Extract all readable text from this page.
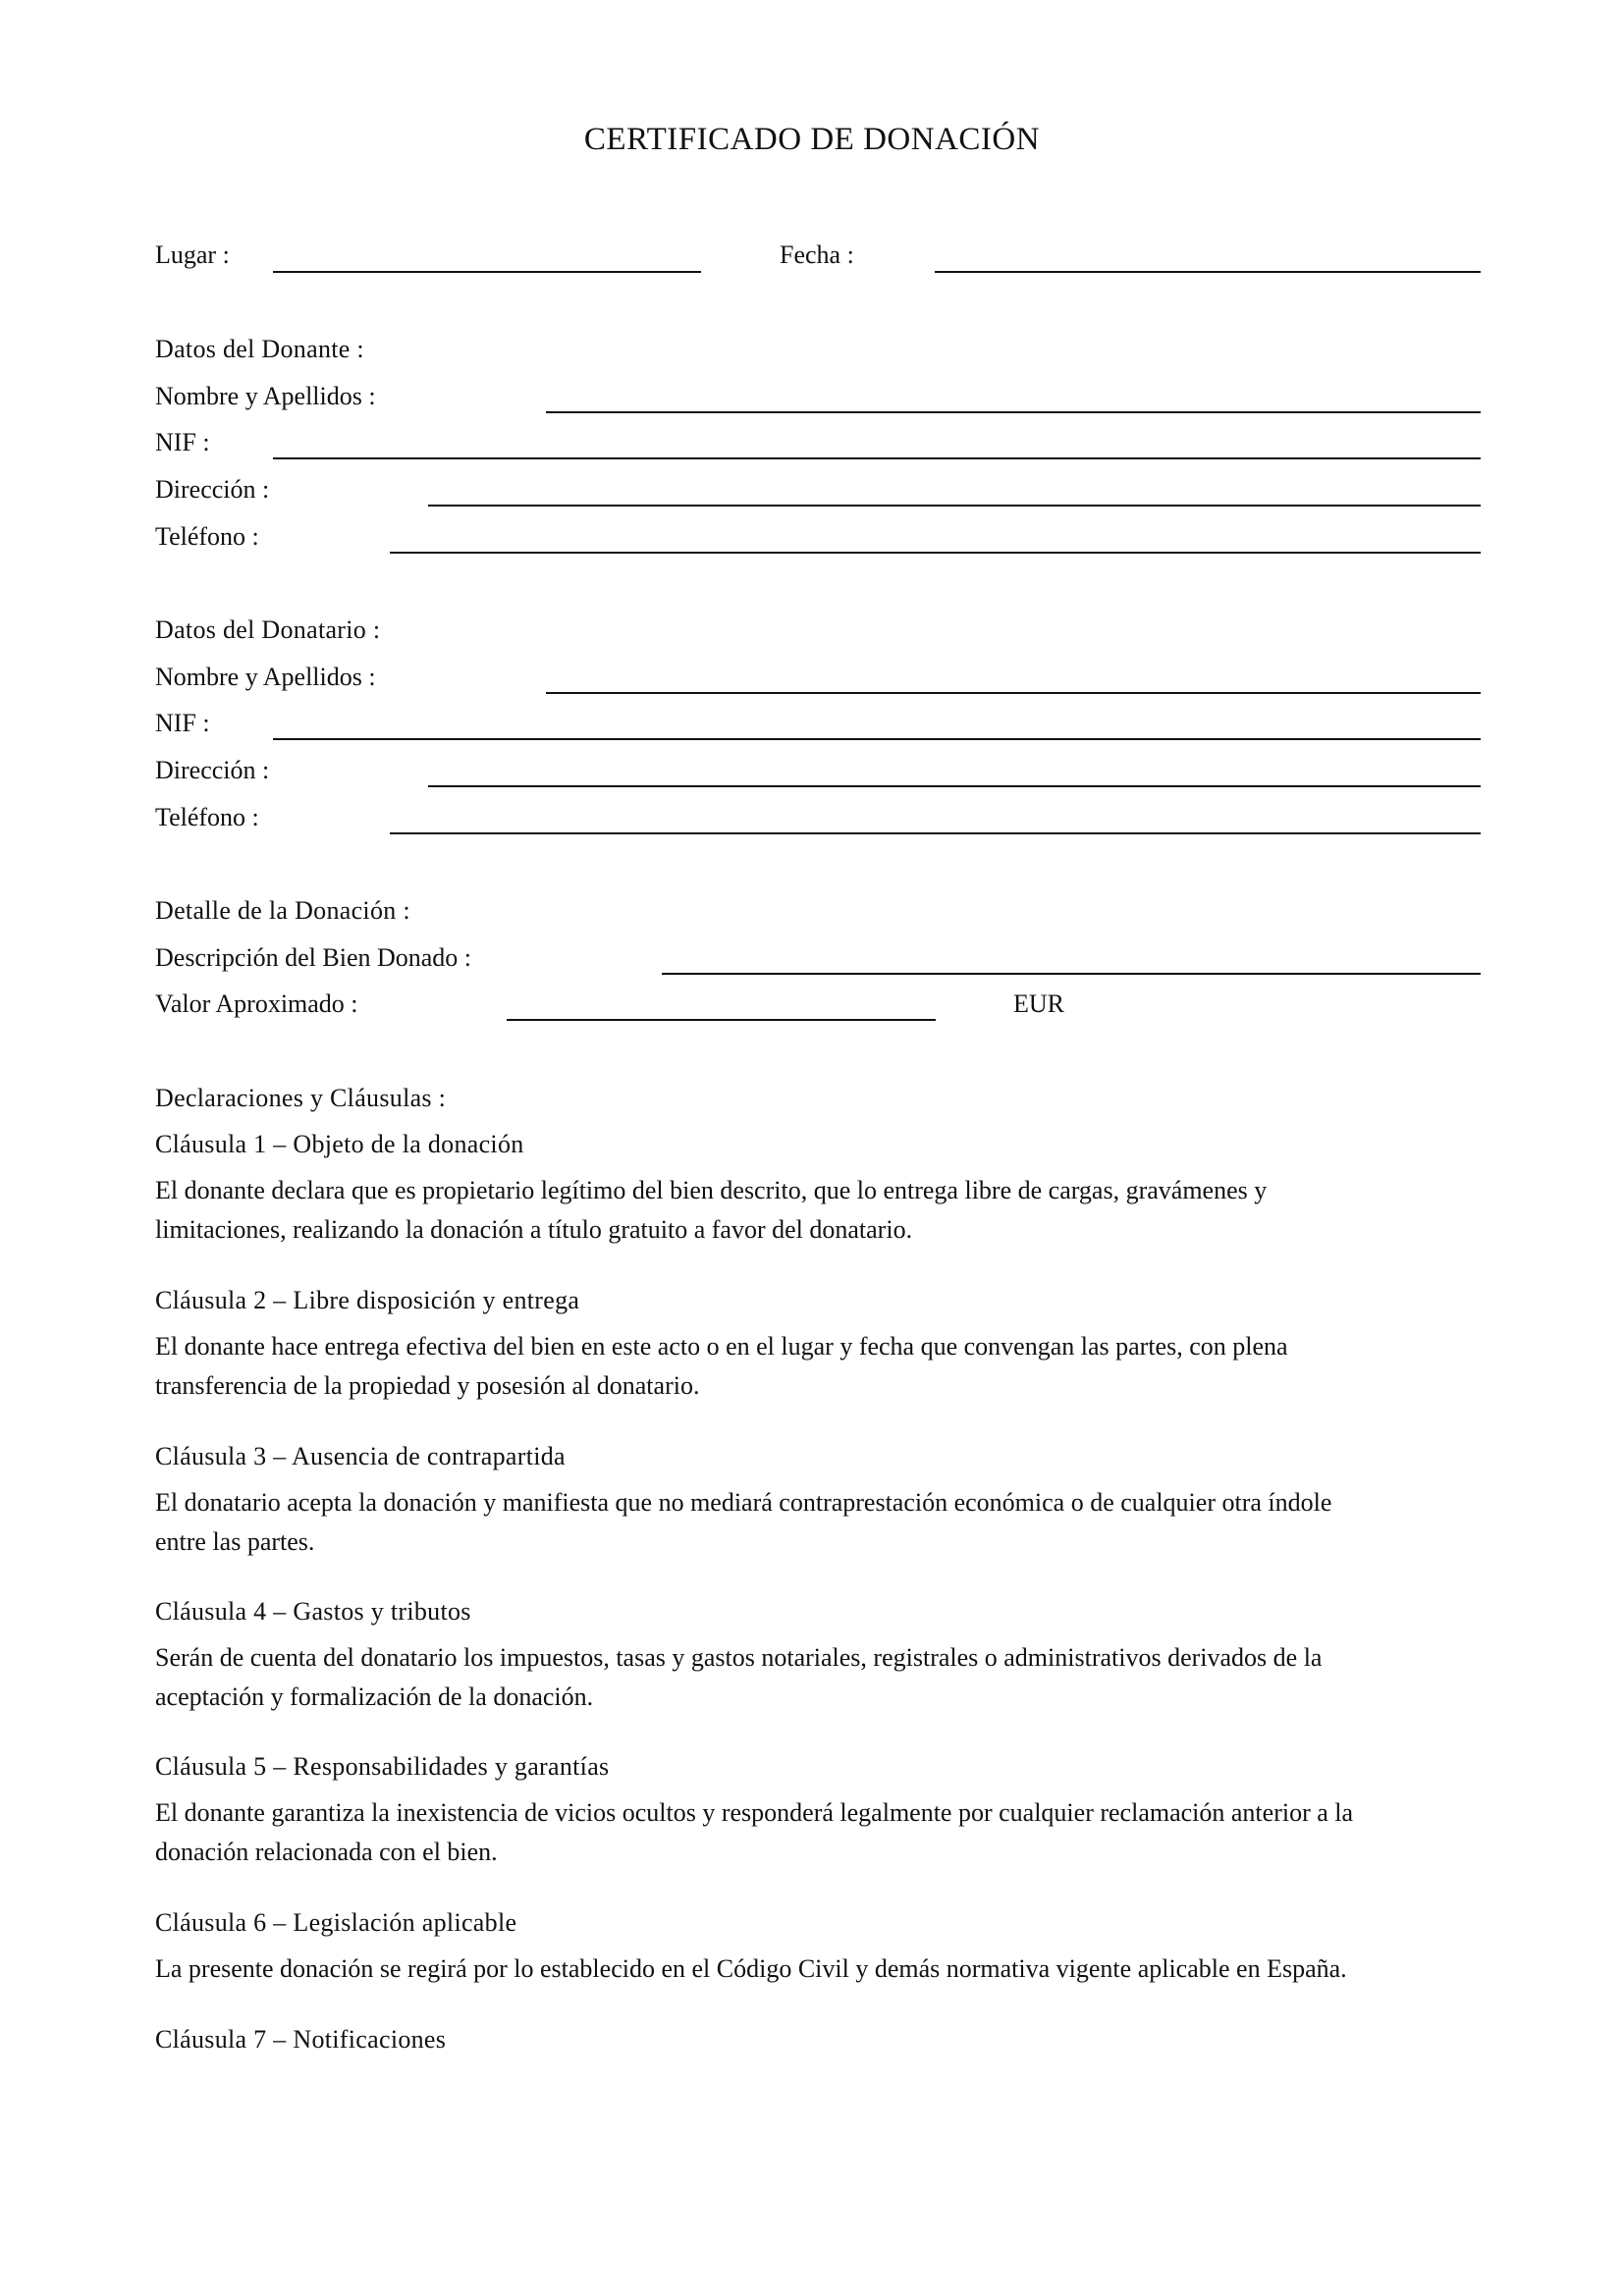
CERTIFICADO DE DONACIÓN
Lugar :	Fecha :
Datos del Donante :
Nombre y Apellidos :
NIF :
Dirección :
Teléfono :
Datos del Donatario :
Nombre y Apellidos :
NIF :
Dirección :
Teléfono :
Detalle de la Donación :
Descripción del Bien Donado :
Valor Aproximado :	EUR
Declaraciones y Cláusulas :
Cláusula 1 – Objeto de la donación
El donante declara que es propietario legítimo del bien descrito, que lo entrega libre de cargas, gravámenes y
limitaciones, realizando la donación a título gratuito a favor del donatario.
Cláusula 2 – Libre disposición y entrega
El donante hace entrega efectiva del bien en este acto o en el lugar y fecha que convengan las partes, con plena
transferencia de la propiedad y posesión al donatario.
Cláusula 3 – Ausencia de contrapartida
El donatario acepta la donación y manifiesta que no mediará contraprestación económica o de cualquier otra índole
entre las partes.
Cláusula 4 – Gastos y tributos
Serán de cuenta del donatario los impuestos, tasas y gastos notariales, registrales o administrativos derivados de la
aceptación y formalización de la donación.
Cláusula 5 – Responsabilidades y garantías
El donante garantiza la inexistencia de vicios ocultos y responderá legalmente por cualquier reclamación anterior a la
donación relacionada con el bien.
Cláusula 6 – Legislación aplicable
La presente donación se regirá por lo establecido en el Código Civil y demás normativa vigente aplicable en España.
Cláusula 7 – Notificaciones
